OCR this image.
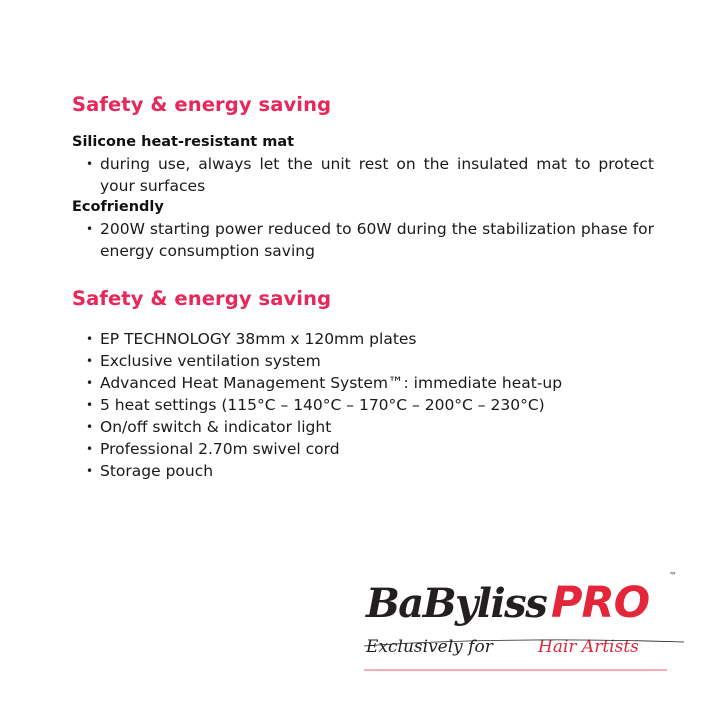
Safety & energy saving

Silicone heat-resistant mat

• during use, always let the unit rest on the insulated mat to protect your surfaces

Ecofriendly

• 200W starting power reduced to 60W during the stabilization phase for energy consumption saving
Safety & energy saving
• EP TECHNOLOGY 38mm x 120mm plates
• Exclusive ventilation system
• Advanced Heat Management System™: immediate heat-up
• 5 heat settings (115°C – 140°C – 170°C – 200°C – 230°C)
• On/off switch & indicator light
• Professional 2.70m swivel cord
• Storage pouch
BaByliss PRO
™
Exclusively for	Hair Artists
